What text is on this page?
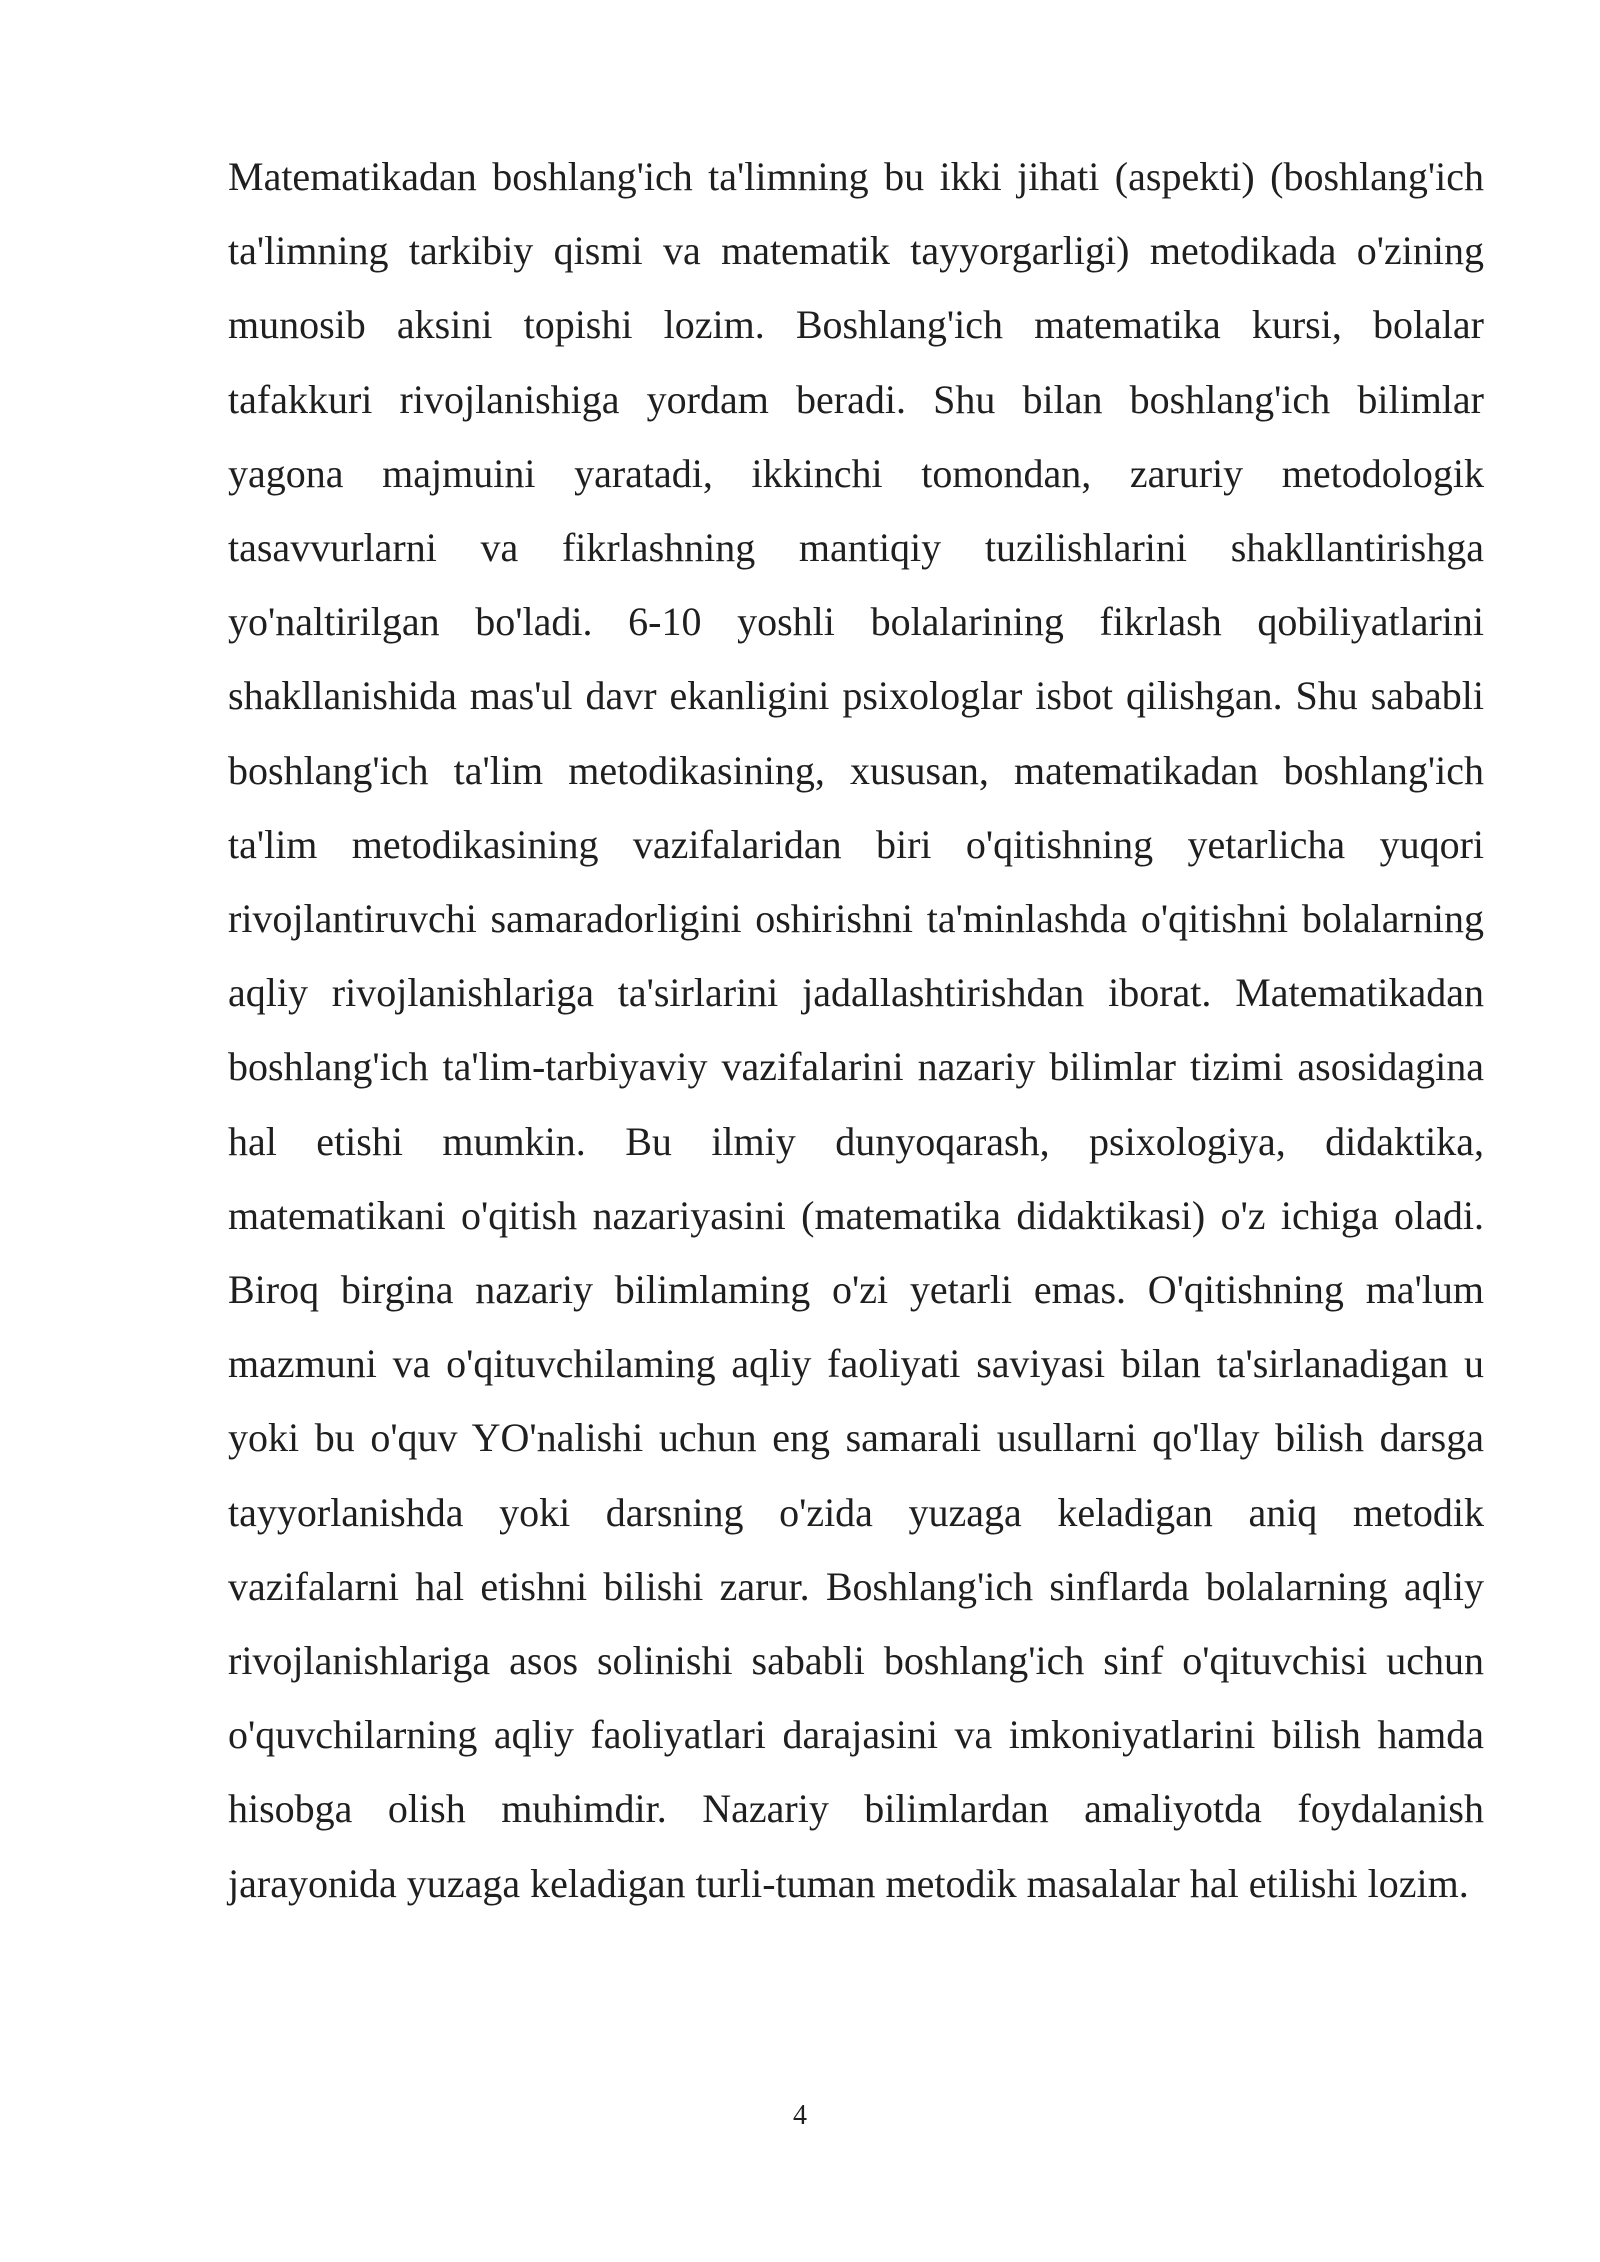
Matematikadan boshlang'ich ta'limning bu ikki jihati (aspekti) (boshlang'ich ta'limning tarkibiy qismi va matematik tayyorgarligi) metodikada o'zining munosib aksini topishi lozim. Boshlang'ich matematika kursi, bolalar tafakkuri rivojlanishiga yordam beradi. Shu bilan boshlang'ich bilimlar yagona majmuini yaratadi, ikkinchi tomondan, zaruriy metodologik tasavvurlarni va fikrlashning mantiqiy tuzilishlarini shakllantirishga yo'naltirilgan bo'ladi. 6-10 yoshli bolalarining fikrlash qobiliyatlarini shakllanishida mas'ul davr ekanligini psixologlar isbot qilishgan. Shu sababli boshlang'ich ta'lim metodikasining, xususan, matematikadan boshlang'ich ta'lim metodikasining vazifalaridan biri o'qitishning yetarlicha yuqori rivojlantiruvchi samaradorligini oshirishni ta'minlashda o'qitishni bolalarning aqliy rivojlanishlariga ta'sirlarini jadallashtirishdan iborat. Matematikadan boshlang'ich ta'lim-tarbiyaviy vazifalarini nazariy bilimlar tizimi asosidagina hal etishi mumkin. Bu ilmiy dunyoqarash, psixologiya, didaktika, matematikani o'qitish nazariyasini (matematika didaktikasi) o'z ichiga oladi. Biroq birgina nazariy bilimlaming o'zi yetarli emas. O'qitishning ma'lum mazmuni va o'qituvchilaming aqliy faoliyati saviyasi bilan ta'sirlanadigan u yoki bu o'quv YO'nalishi uchun eng samarali usullarni qo'llay bilish darsga tayyorlanishda yoki darsning o'zida yuzaga keladigan aniq metodik vazifalarni hal etishni bilishi zarur. Boshlang'ich sinflarda bolalarning aqliy rivojlanishlariga asos solinishi sababli boshlang'ich sinf o'qituvchisi uchun o'quvchilarning aqliy faoliyatlari darajasini va imkoniyatlarini bilish hamda hisobga olish muhimdir. Nazariy bilimlardan amaliyotda foydalanish jarayonida yuzaga keladigan turli-tuman metodik masalalar hal etilishi lozim.

4
